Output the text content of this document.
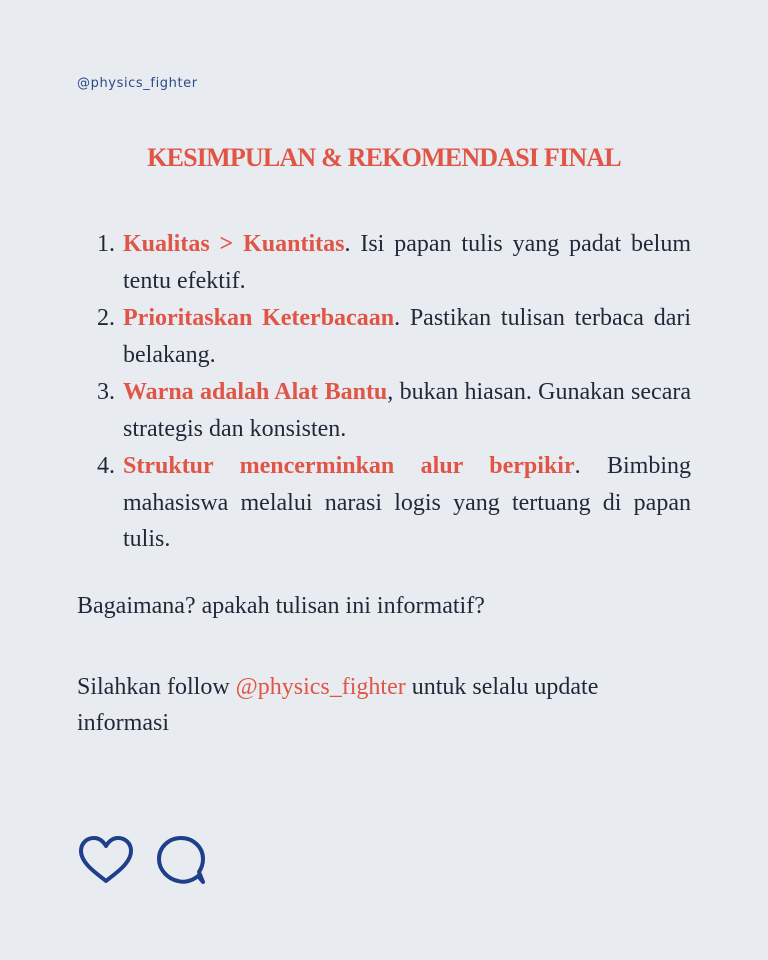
@physics_fighter
KESIMPULAN & REKOMENDASI FINAL
1. Kualitas > Kuantitas. Isi papan tulis yang padat belum tentu efektif.
2. Prioritaskan Keterbacaan. Pastikan tulisan terbaca dari belakang.
3. Warna adalah Alat Bantu, bukan hiasan. Gunakan secara strategis dan konsisten.
4. Struktur mencerminkan alur berpikir. Bimbing mahasiswa melalui narasi logis yang tertuang di papan tulis.
Bagaimana? apakah tulisan ini informatif?
Silahkan follow @physics_fighter untuk selalu update informasi
